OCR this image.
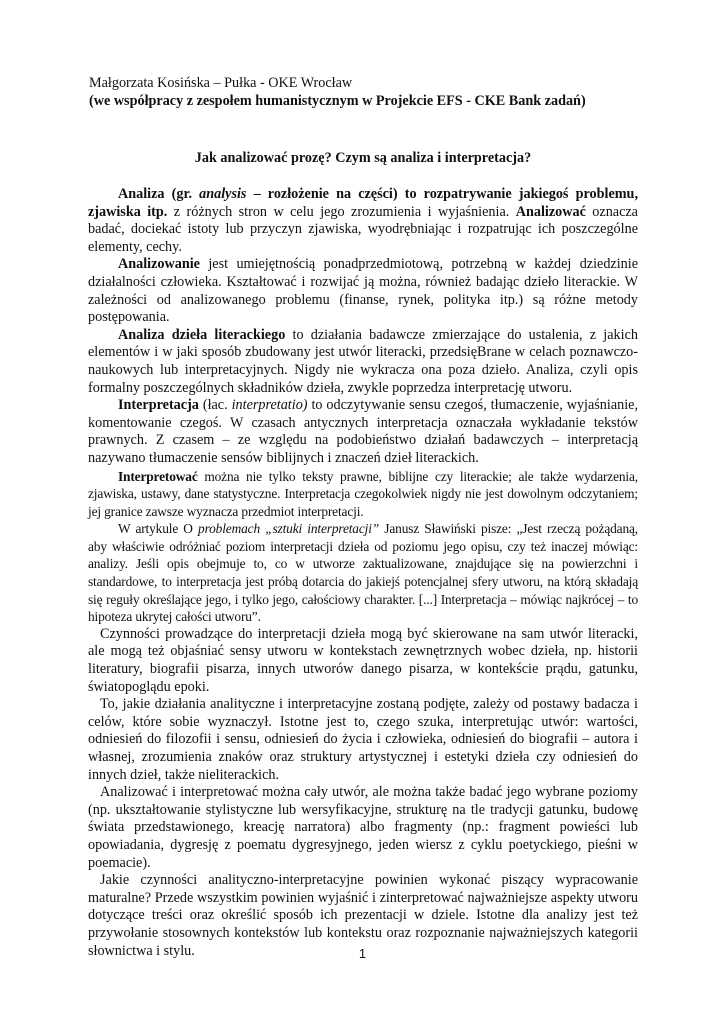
Małgorzata Kosińska – Pułka - OKE Wrocław

(we współpracy z zespołem humanistycznym w Projekcie EFS - CKE Bank zadań)

Jak analizować prozę? Czym są analiza i interpretacja?

Analiza (gr. analysis – rozłożenie na części) to rozpatrywanie jakiegoś problemu, zjawiska itp. z różnych stron w celu jego zrozumienia i wyjaśnienia. Analizować oznacza badać, dociekać istoty lub przyczyn zjawiska, wyodrębniając i rozpatrując ich poszczególne elementy, cechy.

Analizowanie jest umiejętnością ponadprzedmiotową, potrzebną w każdej dziedzinie działalności człowieka. Kształtować i rozwijać ją można, również badając dzieło literackie. W zależności od analizowanego problemu (finanse, rynek, polityka itp.) są różne metody postępowania.

Analiza dzieła literackiego to działania badawcze zmierzające do ustalenia, z jakich elementów i w jaki sposób zbudowany jest utwór literacki, przedsięBrane w celach poznawczo-naukowych lub interpretacyjnych. Nigdy nie wykracza ona poza dzieło. Analiza, czyli opis formalny poszczególnych składników dzieła, zwykle poprzedza interpretację utworu.

Interpretacja (łac. interpretatio) to odczytywanie sensu czegoś, tłumaczenie, wyjaśnianie, komentowanie czegoś. W czasach antycznych interpretacja oznaczała wykładanie tekstów prawnych. Z czasem – ze względu na podobieństwo działań badawczych – interpretacją nazywano tłumaczenie sensów biblijnych i znaczeń dzieł literackich.

Interpretować można nie tylko teksty prawne, biblijne czy literackie; ale także wydarzenia, zjawiska, ustawy, dane statystyczne. Interpretacja czegokolwiek nigdy nie jest dowolnym odczytaniem; jej granice zawsze wyznacza przedmiot interpretacji.

W artykule O problemach „sztuki interpretacji” Janusz Sławiński pisze: „Jest rzeczą pożądaną, aby właściwie odróżniać poziom interpretacji dzieła od poziomu jego opisu, czy też inaczej mówiąc: analizy. Jeśli opis obejmuje to, co w utworze zaktualizowane, znajdujące się na powierzchni i standardowe, to interpretacja jest próbą dotarcia do jakiejś potencjalnej sfery utworu, na którą składają się reguły określające jego, i tylko jego, całościowy charakter. [...] Interpretacja – mówiąc najkrócej – to hipoteza ukrytej całości utworu”.

Czynności prowadzące do interpretacji dzieła mogą być skierowane na sam utwór literacki, ale mogą też objaśniać sensy utworu w kontekstach zewnętrznych wobec dzieła, np. historii literatury, biografii pisarza, innych utworów danego pisarza, w kontekście prądu, gatunku, światopoglądu epoki.

To, jakie działania analityczne i interpretacyjne zostaną podjęte, zależy od postawy badacza i celów, które sobie wyznaczył. Istotne jest to, czego szuka, interpretując utwór: wartości, odniesień do filozofii i sensu, odniesień do życia i człowieka, odniesień do biografii – autora i własnej, zrozumienia znaków oraz struktury artystycznej i estetyki dzieła czy odniesień do innych dzieł, także nieliterackich.

Analizować i interpretować można cały utwór, ale można także badać jego wybrane poziomy (np. ukształtowanie stylistyczne lub wersyfikacyjne, strukturę na tle tradycji gatunku, budowę świata przedstawionego, kreację narratora) albo fragmenty (np.: fragment powieści lub opowiadania, dygresję z poematu dygresyjnego, jeden wiersz z cyklu poetyckiego, pieśni w poemacie).

Jakie czynności analityczno-interpretacyjne powinien wykonać piszący wypracowanie maturalne? Przede wszystkim powinien wyjaśnić i zinterpretować najważniejsze aspekty utworu dotyczące treści oraz określić sposób ich prezentacji w dziele. Istotne dla analizy jest też przywołanie stosownych kontekstów lub kontekstu oraz rozpoznanie najważniejszych kategorii słownictwa i stylu.	1
